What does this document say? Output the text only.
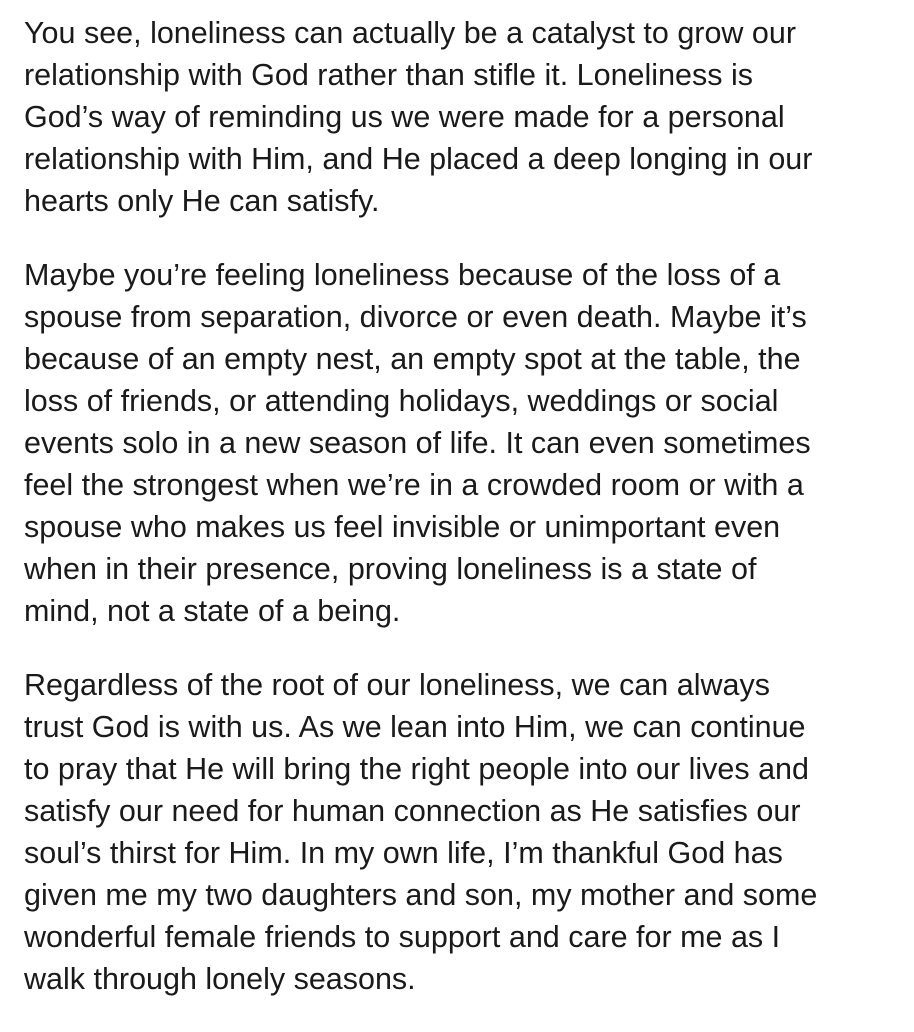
You see, loneliness can actually be a catalyst to grow our
relationship with God rather than stifle it. Loneliness is
God’s way of reminding us we were made for a personal
relationship with Him, and He placed a deep longing in our
hearts only He can satisfy.

Maybe you’re feeling loneliness because of the loss of a
spouse from separation, divorce or even death. Maybe it’s
because of an empty nest, an empty spot at the table, the
loss of friends, or attending holidays, weddings or social
events solo in a new season of life. It can even sometimes
feel the strongest when we’re in a crowded room or with a
spouse who makes us feel invisible or unimportant even
when in their presence, proving loneliness is a state of
mind, not a state of a being.

Regardless of the root of our loneliness, we can always
trust God is with us. As we lean into Him, we can continue
to pray that He will bring the right people into our lives and
satisfy our need for human connection as He satisfies our
soul’s thirst for Him. In my own life, I’m thankful God has
given me my two daughters and son, my mother and some
wonderful female friends to support and care for me as I
walk through lonely seasons.
